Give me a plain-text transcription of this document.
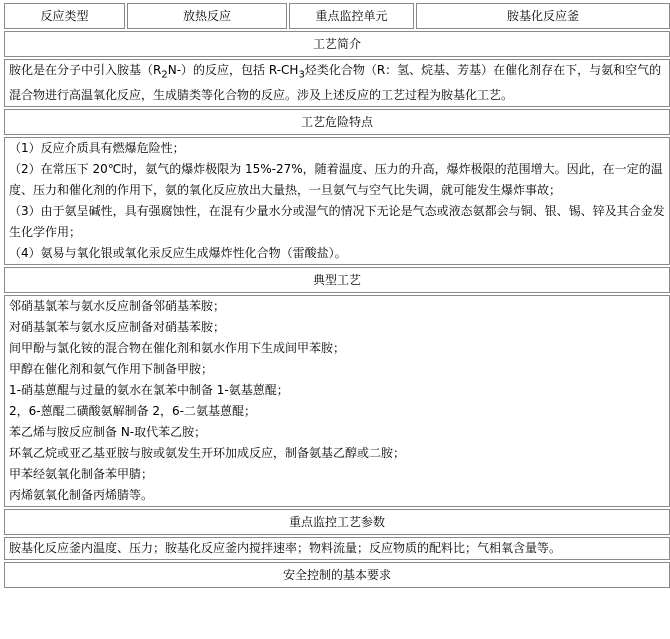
反应类型	放热反应	重点监控单元	胺基化反应釜
工艺简介
胺化是在分子中引入胺基$(R_2N-)$的反应，包括 $R-CH_3$烃类化合物（R：氢、烷基、芳基）在催化剂存在下，与氨和空气的混合物进行高温氧化反应，生成腈类等化合物的反应。涉及上述反应的工艺过程为胺基化工艺。
工艺危险特点

（1）反应介质具有燃爆危险性；
（2）在常压下 20℃时，氨气的爆炸极限为 15%-27%，随着温度、压力的升高，爆炸极限的范围增大。因此，在一定的温度、压力和催化剂的作用下，氨的氧化反应放出大量热，一旦氨气与空气比失调，就可能发生爆炸事故；
（3）由于氨呈碱性，具有强腐蚀性，在混有少量水分或湿气的情况下无论是气态或液态氨都会与铜、银、锡、锌及其合金发生化学作用；
（4）氨易与氧化银或氧化汞反应生成爆炸性化合物（雷酸盐）。

典型工艺

邻硝基氯苯与氨水反应制备邻硝基苯胺；
对硝基氯苯与氨水反应制备对硝基苯胺；
间甲酚与氯化铵的混合物在催化剂和氨水作用下生成间甲苯胺；
甲醇在催化剂和氨气作用下制备甲胺；
1-硝基蒽醌与过量的氨水在氯苯中制备 1-氨基蒽醌；
2，6-蒽醌二磺酸氨解制备 2，6-二氨基蒽醌；
苯乙烯与胺反应制备 N-取代苯乙胺；
环氧乙烷或亚乙基亚胺与胺或氨发生开环加成反应，制备氨基乙醇或二胺；
甲苯经氨氧化制备苯甲腈；
丙烯氨氧化制备丙烯腈等。

重点监控工艺参数
胺基化反应釜内温度、压力；胺基化反应釜内搅拌速率；物料流量；反应物质的配料比；气相氧含量等。
安全控制的基本要求
